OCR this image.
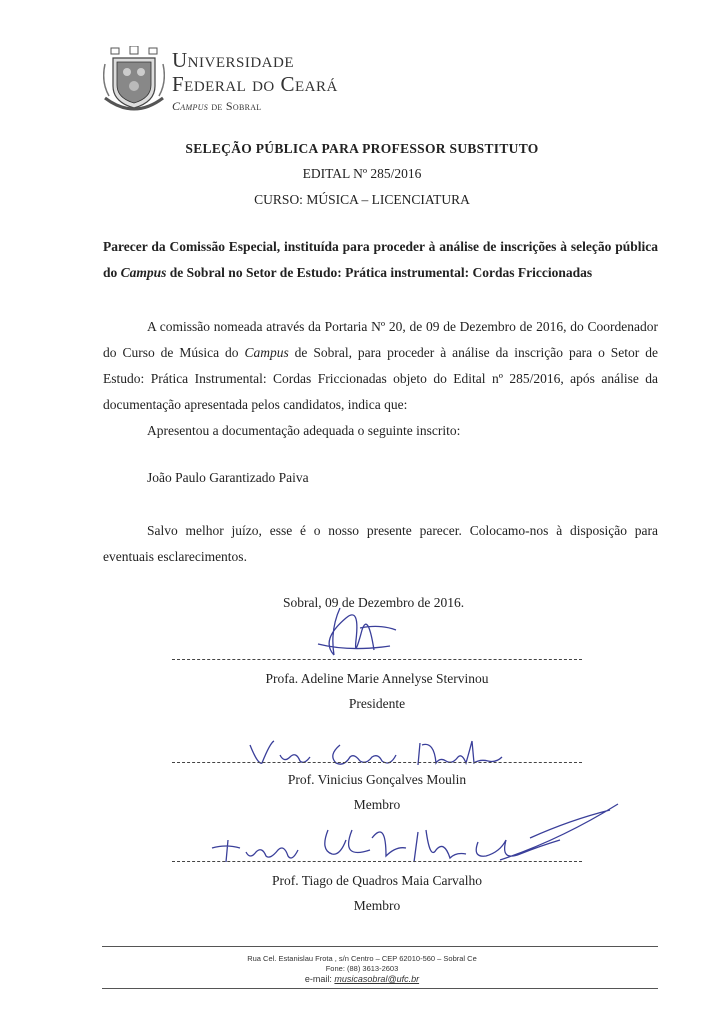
Universidade
Federal do Ceará
Campus de Sobral
SELEÇÃO PÚBLICA PARA PROFESSOR SUBSTITUTO
EDITAL Nº 285/2016
CURSO: MÚSICA – LICENCIATURA
Parecer da Comissão Especial, instituída para proceder à análise de inscrições à seleção pública do Campus de Sobral no Setor de Estudo: Prática instrumental: Cordas Friccionadas

A comissão nomeada através da Portaria Nº 20, de 09 de Dezembro de 2016, do Coordenador do Curso de Música do Campus de Sobral, para proceder à análise da inscrição para o Setor de Estudo: Prática Instrumental: Cordas Friccionadas objeto do Edital nº 285/2016, após análise da documentação apresentada pelos candidatos, indica que:

Apresentou a documentação adequada o seguinte inscrito:

João Paulo Garantizado Paiva

Salvo melhor juízo, esse é o nosso presente parecer. Colocamo-nos à disposição para eventuais esclarecimentos.

Sobral, 09 de Dezembro de 2016.
Profa. Adeline Marie Annelyse Stervinou
Presidente
Prof. Vinicius Gonçalves Moulin
Membro
Prof. Tiago de Quadros Maia Carvalho
Membro
Rua Cel. Estanislau Frota , s/n Centro – CEP 62010-560 – Sobral Ce
Fone: (88) 3613-2603
e-mail: musicasobral@ufc.br
